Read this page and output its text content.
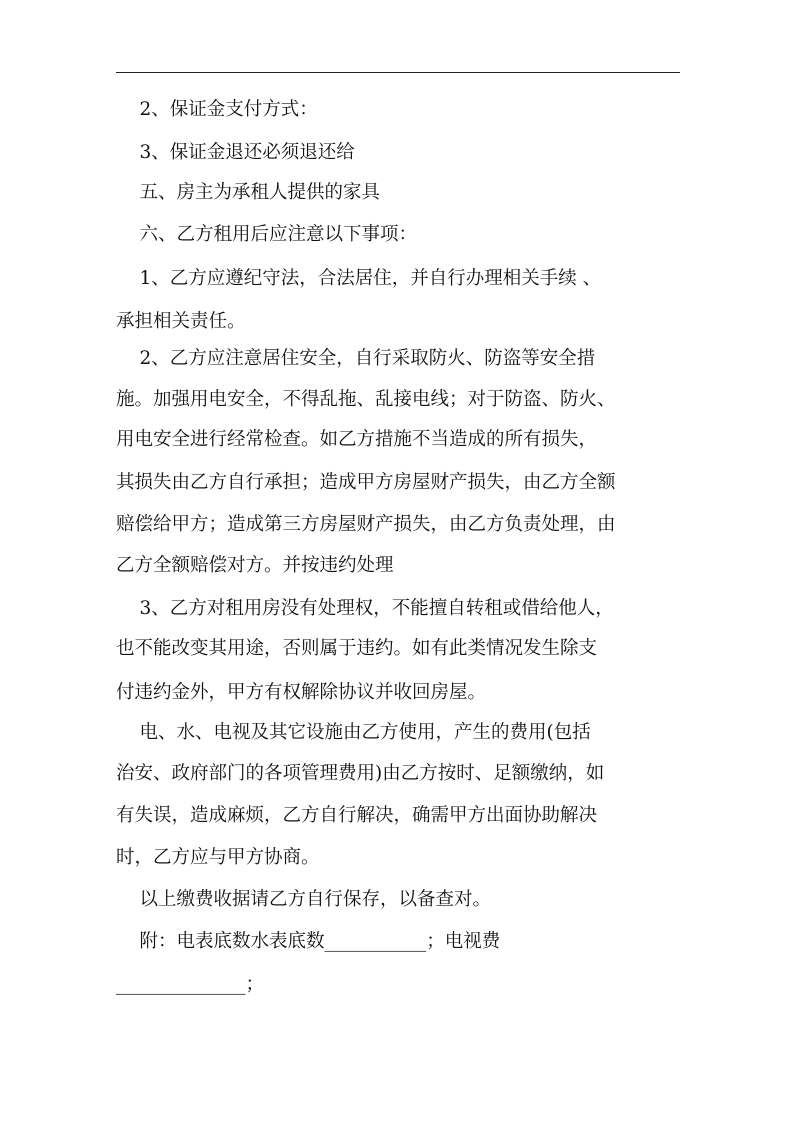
2、保证金支付方式：
3、保证金退还必须退还给
五、房主为承租人提供的家具
六、乙方租用后应注意以下事项：
1、乙方应遵纪守法，合法居住，并自行办理相关手续 、
承担相关责任。
2、乙方应注意居住安全，自行采取防火、防盗等安全措
施。加强用电安全，不得乱拖、乱接电线；对于防盗、防火、
用电安全进行经常检查。如乙方措施不当造成的所有损失，
其损失由乙方自行承担；造成甲方房屋财产损失，由乙方全额
赔偿给甲方；造成第三方房屋财产损失，由乙方负责处理，由
乙方全额赔偿对方。并按违约处理
3、乙方对租用房没有处理权，不能擅自转租或借给他人，
也不能改变其用途，否则属于违约。如有此类情况发生除支
付违约金外，甲方有权解除协议并收回房屋。
电、水、电视及其它设施由乙方使用，产生的费用(包括
治安、政府部门的各项管理费用)由乙方按时、足额缴纳，如
有失误，造成麻烦，乙方自行解决，确需甲方出面协助解决
时，乙方应与甲方协商。
以上缴费收据请乙方自行保存，以备查对。
附：电表底数水表底数___________；电视费
______________；
